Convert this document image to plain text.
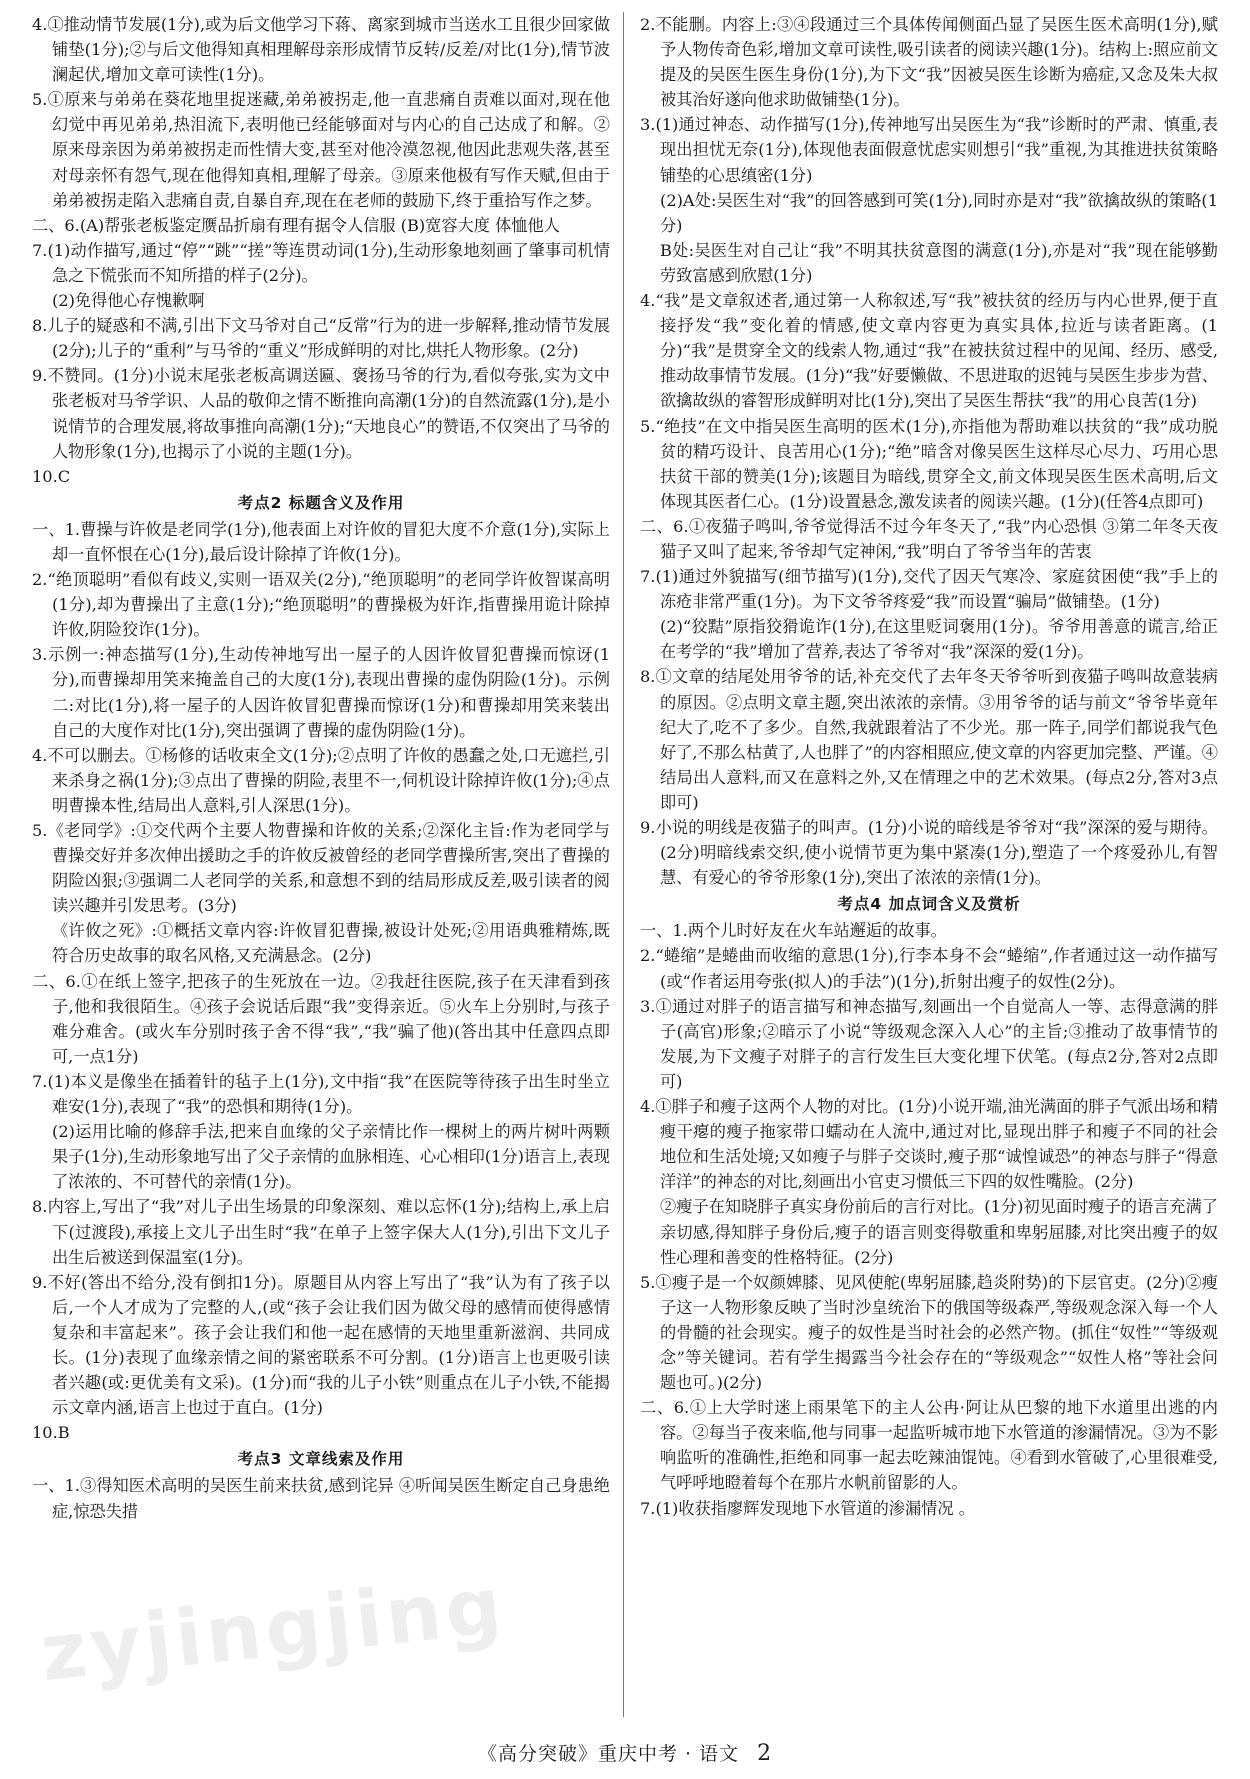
4.①推动情节发展(1分),或为后文他学习下蒋、离家到城市当送水工且很少回家做铺垫(1分);②与后文他得知真相理解母亲形成情节反转/反差/对比(1分),情节波澜起伏,增加文章可读性(1分)。

5.①原来与弟弟在葵花地里捉迷藏,弟弟被拐走,他一直悲痛自责难以面对,现在他幻觉中再见弟弟,热泪流下,表明他已经能够面对与内心的自己达成了和解。②原来母亲因为弟弟被拐走而性情大变,甚至对他冷漠忽视,他因此悲观失落,甚至对母亲怀有怨气,现在他得知真相,理解了母亲。③原来他极有写作天赋,但由于弟弟被拐走陷入悲痛自责,自暴自弃,现在在老师的鼓励下,终于重拾写作之梦。

二、6.(A)帮张老板鉴定赝品折扇有理有据令人信服 (B)宽容大度 体恤他人

7.(1)动作描写,通过“停”“跳”“搓”等连贯动词(1分),生动形象地刻画了肇事司机情急之下慌张而不知所措的样子(2分)。

(2)免得他心存愧歉啊

8.儿子的疑惑和不满,引出下文马爷对自己“反常”行为的进一步解释,推动情节发展(2分);儿子的“重利”与马爷的“重义”形成鲜明的对比,烘托人物形象。(2分)

9.不赞同。(1分)小说末尾张老板高调送匾、褒扬马爷的行为,看似夸张,实为文中张老板对马爷学识、人品的敬仰之情不断推向高潮(1分)的自然流露(1分),是小说情节的合理发展,将故事推向高潮(1分);“天地良心”的赞语,不仅突出了马爷的人物形象(1分),也揭示了小说的主题(1分)。

10.C

考点2 标题含义及作用

一、1.曹操与许攸是老同学(1分),他表面上对许攸的冒犯大度不介意(1分),实际上却一直怀恨在心(1分),最后设计除掉了许攸(1分)。

2.“绝顶聪明”看似有歧义,实则一语双关(2分),“绝顶聪明”的老同学许攸智谋高明(1分),却为曹操出了主意(1分);“绝顶聪明”的曹操极为奸诈,指曹操用诡计除掉许攸,阴险狡诈(1分)。

3.示例一:神态描写(1分),生动传神地写出一屋子的人因许攸冒犯曹操而惊讶(1分),而曹操却用笑来掩盖自己的大度(1分),表现出曹操的虚伪阴险(1分)。示例二:对比(1分),将一屋子的人因许攸冒犯曹操而惊讶(1分)和曹操却用笑来装出自己的大度作对比(1分),突出强调了曹操的虚伪阴险(1分)。

4.不可以删去。①杨修的话收束全文(1分);②点明了许攸的愚蠢之处,口无遮拦,引来杀身之祸(1分);③点出了曹操的阴险,表里不一,伺机设计除掉许攸(1分);④点明曹操本性,结局出人意料,引人深思(1分)。

5.《老同学》:①交代两个主要人物曹操和许攸的关系;②深化主旨:作为老同学与曹操交好并多次伸出援助之手的许攸反被曾经的老同学曹操所害,突出了曹操的阴险凶狠;③强调二人老同学的关系,和意想不到的结局形成反差,吸引读者的阅读兴趣并引发思考。(3分)

《许攸之死》:①概括文章内容:许攸冒犯曹操,被设计处死;②用语典雅精炼,既符合历史故事的取名风格,又充满悬念。(2分)

二、6.①在纸上签字,把孩子的生死放在一边。②我赶往医院,孩子在天津看到孩子,他和我很陌生。④孩子会说话后跟“我”变得亲近。⑤火车上分别时,与孩子难分难舍。(或火车分别时孩子舍不得“我”,“我”骗了他)(答出其中任意四点即可,一点1分)

7.(1)本义是像坐在插着针的毡子上(1分),文中指“我”在医院等待孩子出生时坐立难安(1分),表现了“我”的恐惧和期待(1分)。

(2)运用比喻的修辞手法,把来自血缘的父子亲情比作一棵树上的两片树叶两颗果子(1分),生动形象地写出了父子亲情的血脉相连、心心相印(1分)语言上,表现了浓浓的、不可替代的亲情(1分)。

8.内容上,写出了“我”对儿子出生场景的印象深刻、难以忘怀(1分);结构上,承上启下(过渡段),承接上文儿子出生时“我”在单子上签字保大人(1分),引出下文儿子出生后被送到保温室(1分)。

9.不好(答出不给分,没有倒扣1分)。原题目从内容上写出了“我”认为有了孩子以后,一个人才成为了完整的人,(或“孩子会让我们因为做父母的感情而使得感情复杂和丰富起来”。孩子会让我们和他一起在感情的天地里重新滋润、共同成长。(1分)表现了血缘亲情之间的紧密联系不可分割。(1分)语言上也更吸引读者兴趣(或:更优美有文采)。(1分)而“我的儿子小铁”则重点在儿子小铁,不能揭示文章内涵,语言上也过于直白。(1分)

10.B

考点3 文章线索及作用

一、1.③得知医术高明的吴医生前来扶贫,感到诧异 ④听闻吴医生断定自己身患绝症,惊恐失措

2.不能删。内容上:③④段通过三个具体传闻侧面凸显了吴医生医术高明(1分),赋予人物传奇色彩,增加文章可读性,吸引读者的阅读兴趣(1分)。结构上:照应前文提及的吴医生医生身份(1分),为下文“我”因被吴医生诊断为癌症,又念及朱大叔被其治好遂向他求助做铺垫(1分)。

3.(1)通过神态、动作描写(1分),传神地写出吴医生为“我”诊断时的严肃、慎重,表现出担忧无奈(1分),体现他表面假意忧虑实则想引“我”重视,为其推进扶贫策略铺垫的心思缜密(1分)

(2)A处:吴医生对“我”的回答感到可笑(1分),同时亦是对“我”欲擒故纵的策略(1分)

B处:吴医生对自己让“我”不明其扶贫意图的满意(1分),亦是对“我”现在能够勤劳致富感到欣慰(1分)

4.“我”是文章叙述者,通过第一人称叙述,写“我”被扶贫的经历与内心世界,便于直接抒发“我”变化着的情感,使文章内容更为真实具体,拉近与读者距离。(1分)“我”是贯穿全文的线索人物,通过“我”在被扶贫过程中的见闻、经历、感受,推动故事情节发展。(1分)“我”好要懒做、不思进取的迟钝与吴医生步步为营、欲擒故纵的睿智形成鲜明对比(1分),突出了吴医生帮扶“我”的用心良苦(1分)

5.“绝技”在文中指吴医生高明的医术(1分),亦指他为帮助难以扶贫的“我”成功脱贫的精巧设计、良苦用心(1分);“绝”暗含对像吴医生这样尽心尽力、巧用心思扶贫干部的赞美(1分);该题目为暗线,贯穿全文,前文体现吴医生医术高明,后文体现其医者仁心。(1分)设置悬念,激发读者的阅读兴趣。(1分)(任答4点即可)

二、6.①夜猫子鸣叫,爷爷觉得活不过今年冬天了,“我”内心恐惧 ③第二年冬天夜猫子又叫了起来,爷爷却气定神闲,“我”明白了爷爷当年的苦衷

7.(1)通过外貌描写(细节描写)(1分),交代了因天气寒冷、家庭贫困使“我”手上的冻疮非常严重(1分)。为下文爷爷疼爱“我”而设置“骗局”做铺垫。(1分)

(2)“狡黠”原指狡猾诡诈(1分),在这里贬词褒用(1分)。爷爷用善意的谎言,给正在考学的“我”增加了营养,表达了爷爷对“我”深深的爱(1分)。

8.①文章的结尾处用爷爷的话,补充交代了去年冬天爷爷听到夜猫子鸣叫故意装病的原因。②点明文章主题,突出浓浓的亲情。③用爷爷的话与前文“爷爷毕竟年纪大了,吃不了多少。自然,我就跟着沾了不少光。那一阵子,同学们都说我气色好了,不那么枯黄了,人也胖了”的内容相照应,使文章的内容更加完整、严谨。④结局出人意料,而又在意料之外,又在情理之中的艺术效果。(每点2分,答对3点即可)

9.小说的明线是夜猫子的叫声。(1分)小说的暗线是爷爷对“我”深深的爱与期待。(2分)明暗线索交织,使小说情节更为集中紧凑(1分),塑造了一个疼爱孙儿,有智慧、有爱心的爷爷形象(1分),突出了浓浓的亲情(1分)。

考点4 加点词含义及赏析

一、1.两个儿时好友在火车站邂逅的故事。

2.“蜷缩”是蜷曲而收缩的意思(1分),行李本身不会“蜷缩”,作者通过这一动作描写(或“作者运用夸张(拟人)的手法”)(1分),折射出瘦子的奴性(2分)。

3.①通过对胖子的语言描写和神态描写,刻画出一个自觉高人一等、志得意满的胖子(高官)形象;②暗示了小说“等级观念深入人心”的主旨;③推动了故事情节的发展,为下文瘦子对胖子的言行发生巨大变化埋下伏笔。(每点2分,答对2点即可)

4.①胖子和瘦子这两个人物的对比。(1分)小说开端,油光满面的胖子气派出场和精瘦干瘪的瘦子拖家带口蠕动在人流中,通过对比,显现出胖子和瘦子不同的社会地位和生活处境;又如瘦子与胖子交谈时,瘦子那“诚惶诚恐”的神态与胖子“得意洋洋”的神态的对比,刻画出小官吏习惯低三下四的奴性嘴脸。(2分)

②瘦子在知晓胖子真实身份前后的言行对比。(1分)初见面时瘦子的语言充满了亲切感,得知胖子身份后,瘦子的语言则变得敬重和卑躬屈膝,对比突出瘦子的奴性心理和善变的性格特征。(2分)

5.①瘦子是一个奴颜婢膝、见风使舵(卑躬屈膝,趋炎附势)的下层官吏。(2分)②瘦子这一人物形象反映了当时沙皇统治下的俄国等级森严,等级观念深入每一个人的骨髓的社会现实。瘦子的奴性是当时社会的必然产物。(抓住“奴性”“等级观念”等关键词。若有学生揭露当今社会存在的“等级观念”“奴性人格”等社会问题也可。)(2分)

二、6.①上大学时迷上雨果笔下的主人公冉·阿让从巴黎的地下水道里出逃的内容。②每当子夜来临,他与同事一起监听城市地下水管道的渗漏情况。③为不影响监听的准确性,拒绝和同事一起去吃辣油馄饨。④看到水管破了,心里很难受,气呼呼地瞪着每个在那片水帆前留影的人。

7.(1)收获指廖辉发现地下水管道的渗漏情况 。

zyjingjing
《高分突破》重庆中考 · 语文 2
